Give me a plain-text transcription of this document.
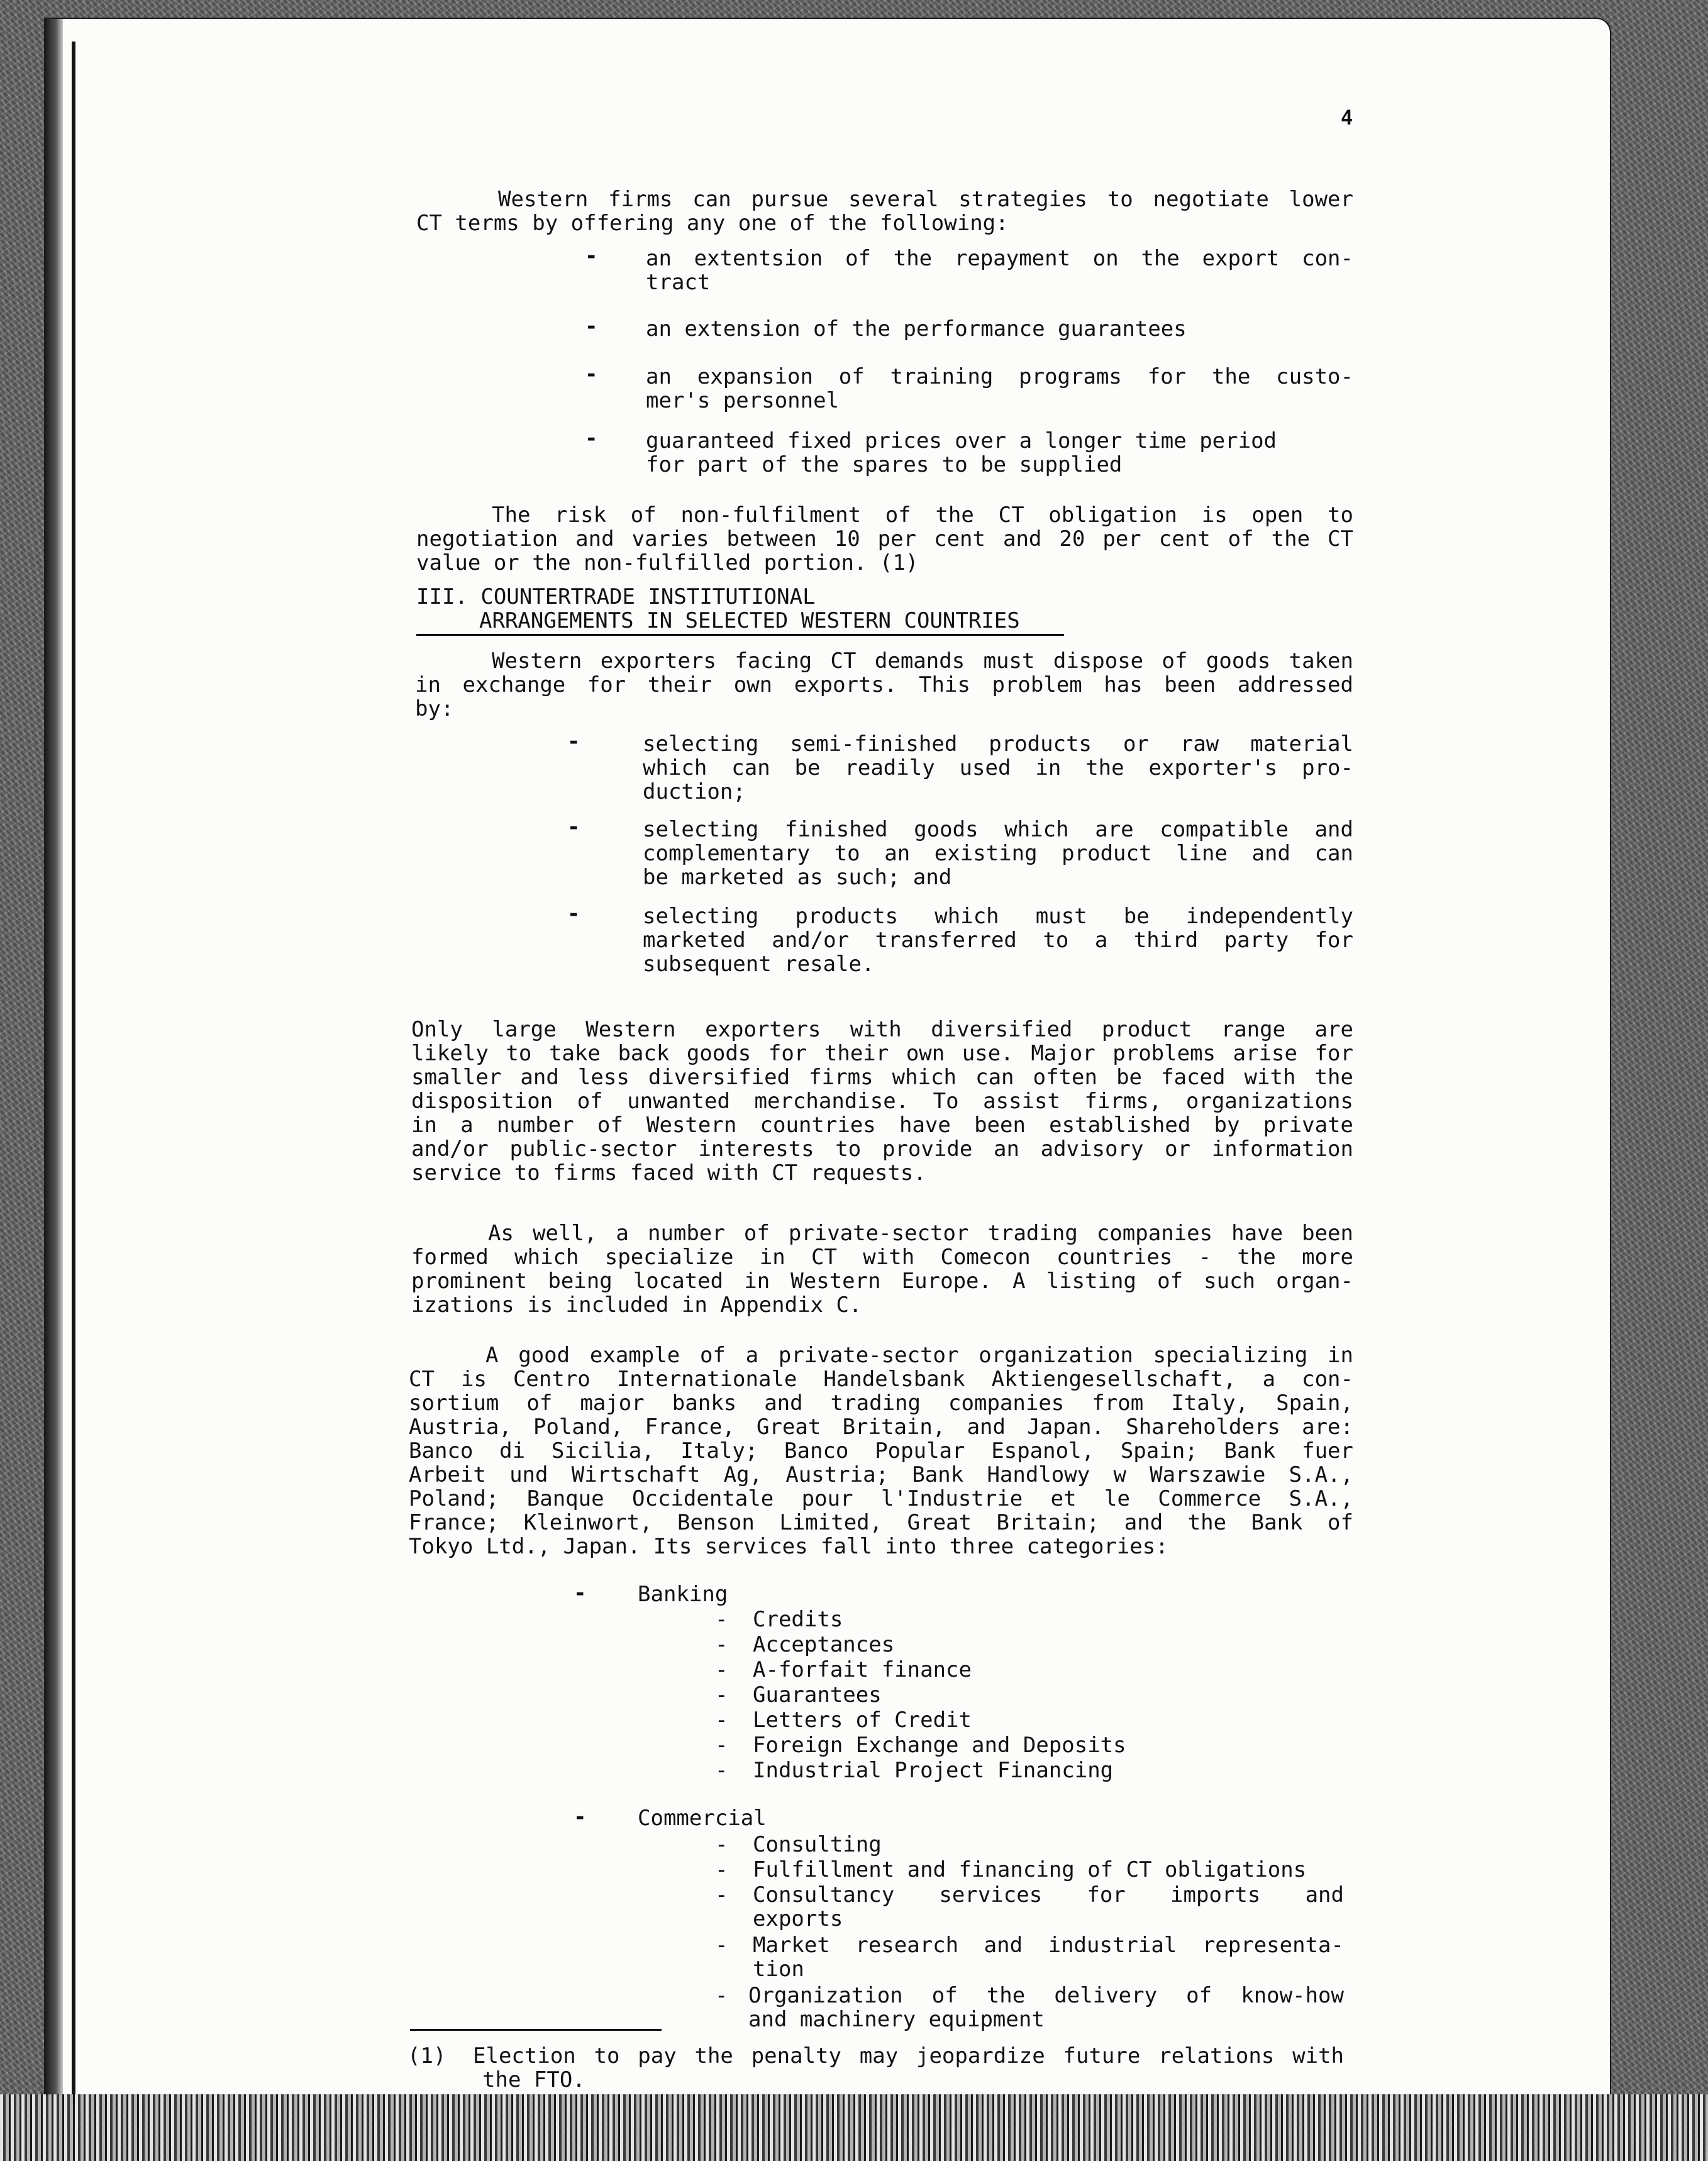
4
Western firms can pursue several strategies to negotiate lower
CT terms by offering any one of the following:
- an extentsion of the repayment on the export con-
tract
- an extension of the performance guarantees
- an expansion of training programs for the custo-
mer's personnel
- guaranteed fixed prices over a longer time period
for part of the spares to be supplied
The risk of non-fulfilment of the CT obligation is open to
negotiation and varies between 10 per cent and 20 per cent of the CT
value or the non-fulfilled portion. (1)
III. COUNTERTRADE INSTITUTIONAL
ARRANGEMENTS IN SELECTED WESTERN COUNTRIES
Western exporters facing CT demands must dispose of goods taken
in exchange for their own exports. This problem has been addressed
by:
-	selecting semi-finished products or raw material
which can be readily used in the exporter's pro-
duction;
-	selecting finished goods which are compatible and
complementary to an existing product line and can
be marketed as such; and
-	selecting products which must be independently
marketed and/or transferred to a third party for
subsequent resale.
Only large Western exporters with diversified product range are
likely to take back goods for their own use. Major problems arise for
smaller and less diversified firms which can often be faced with the
disposition of unwanted merchandise. To assist firms, organizations
in a number of Western countries have been established by private
and/or public-sector interests to provide an advisory or information
service to firms faced with CT requests.
As well, a number of private-sector trading companies have been
formed which specialize in CT with Comecon countries - the more
prominent being located in Western Europe. A listing of such organ-
izations is included in Appendix C.
A good example of a private-sector organization specializing in
CT is Centro Internationale Handelsbank Aktiengesellschaft, a con-
sortium of major banks and trading companies from Italy, Spain,
Austria, Poland, France, Great Britain, and Japan. Shareholders are:
Banco di Sicilia, Italy; Banco Popular Espanol, Spain; Bank fuer
Arbeit und Wirtschaft Ag, Austria; Bank Handlowy w Warszawie S.A.,
Poland; Banque Occidentale pour l'Industrie et le Commerce S.A.,
France; Kleinwort, Benson Limited, Great Britain; and the Bank of
Tokyo Ltd., Japan. Its services fall into three categories:
- Banking
- Credits
- Acceptances
- A-forfait finance
- Guarantees
- Letters of Credit
- Foreign Exchange and Deposits
- Industrial Project Financing
- Commercial
- Consulting
- Fulfillment and financing of CT obligations
- Consultancy services for imports and
exports
- Market research and industrial representa-
tion
- Organization of the delivery of know-how
and machinery equipment
(1) Election to pay the penalty may jeopardize future relations with
the FTO.
